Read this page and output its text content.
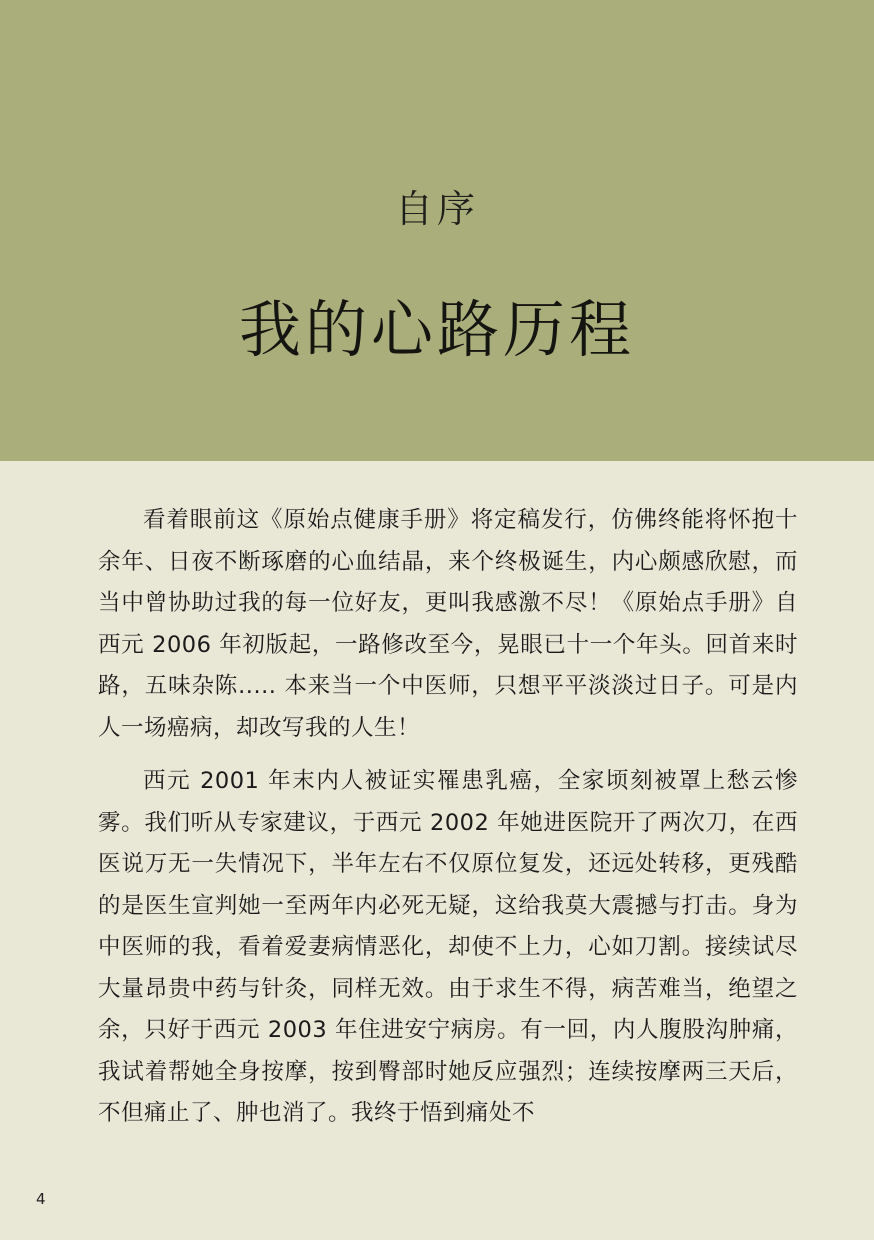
自序
我的心路历程

看着眼前这《原始点健康手册》将定稿发行，仿佛终能将怀抱十余年、日夜不断琢磨的心血结晶，来个终极诞生，内心颇感欣慰，而当中曾协助过我的每一位好友，更叫我感激不尽！《原始点手册》自西元 2006 年初版起，一路修改至今，晃眼已十一个年头。回首来时路，五味杂陈..... 本来当一个中医师，只想平平淡淡过日子。可是内人一场癌病，却改写我的人生！

西元 2001 年末内人被证实罹患乳癌，全家顷刻被罩上愁云惨雾。我们听从专家建议，于西元 2002 年她进医院开了两次刀，在西医说万无一失情况下，半年左右不仅原位复发，还远处转移，更残酷的是医生宣判她一至两年内必死无疑，这给我莫大震撼与打击。身为中医师的我，看着爱妻病情恶化，却使不上力，心如刀割。接续试尽大量昂贵中药与针灸，同样无效。由于求生不得，病苦难当，绝望之余，只好于西元 2003 年住进安宁病房。有一回，内人腹股沟肿痛，我试着帮她全身按摩，按到臀部时她反应强烈；连续按摩两三天后，不但痛止了、肿也消了。我终于悟到痛处不

4
